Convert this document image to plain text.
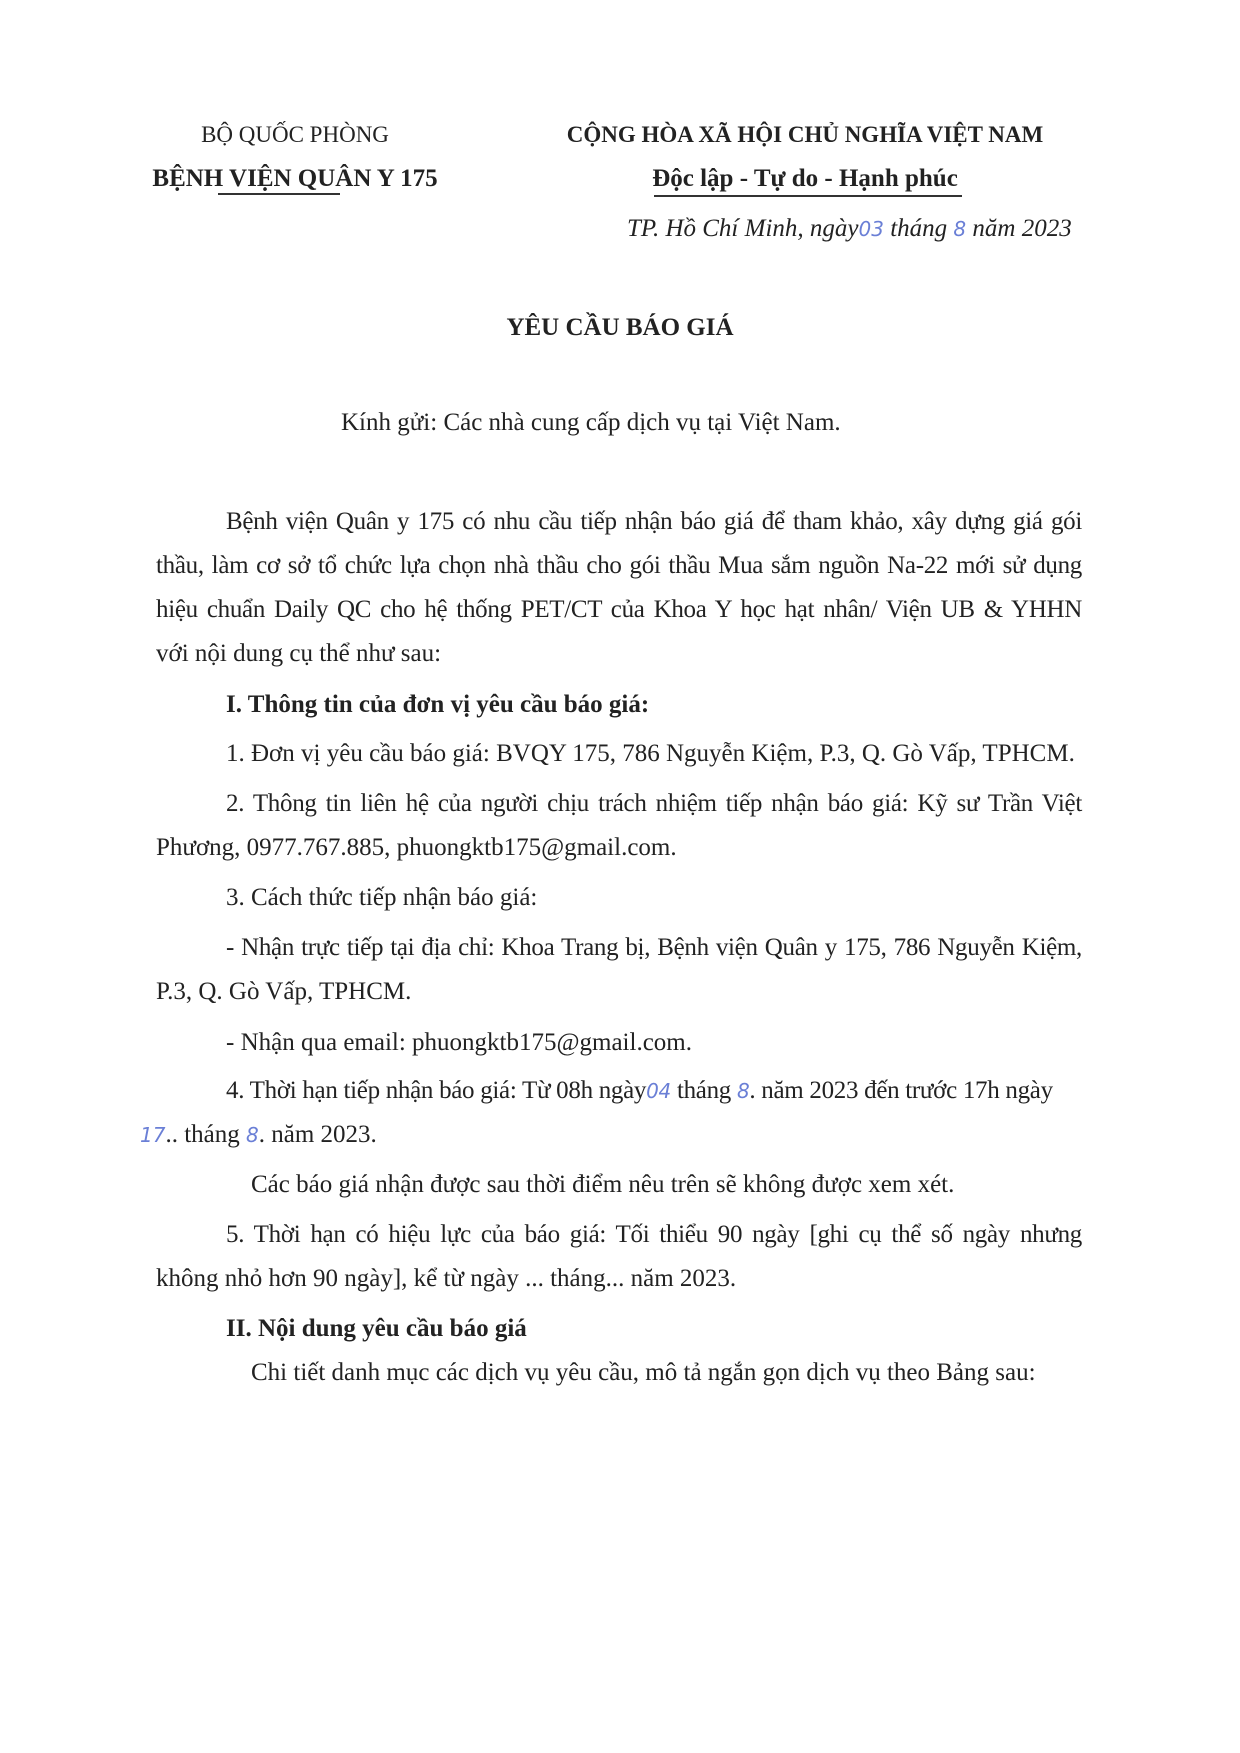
BỘ QUỐC PHÒNG
BỆNH VIỆN QUÂN Y 175
CỘNG HÒA XÃ HỘI CHỦ NGHĨA VIỆT NAM
Độc lập - Tự do - Hạnh phúc
TP. Hồ Chí Minh, ngày03 tháng 8 năm 2023
YÊU CẦU BÁO GIÁ
Kính gửi: Các nhà cung cấp dịch vụ tại Việt Nam.
Bệnh viện Quân y 175 có nhu cầu tiếp nhận báo giá để tham khảo, xây dựng giá gói
thầu, làm cơ sở tổ chức lựa chọn nhà thầu cho gói thầu Mua sắm nguồn Na-22 mới sử dụng
hiệu chuẩn Daily QC cho hệ thống PET/CT của Khoa Y học hạt nhân/ Viện UB & YHHN
với nội dung cụ thể như sau:
I. Thông tin của đơn vị yêu cầu báo giá:
1. Đơn vị yêu cầu báo giá: BVQY 175, 786 Nguyễn Kiệm, P.3, Q. Gò Vấp, TPHCM.
2. Thông tin liên hệ của người chịu trách nhiệm tiếp nhận báo giá: Kỹ sư Trần Việt
Phương, 0977.767.885, phuongktb175@gmail.com.
3. Cách thức tiếp nhận báo giá:
- Nhận trực tiếp tại địa chỉ: Khoa Trang bị, Bệnh viện Quân y 175, 786 Nguyễn Kiệm,
P.3, Q. Gò Vấp, TPHCM.
- Nhận qua email: phuongktb175@gmail.com.
4. Thời hạn tiếp nhận báo giá: Từ 08h ngày04 tháng 8. năm 2023 đến trước 17h ngày
17.. tháng 8. năm 2023.
Các báo giá nhận được sau thời điểm nêu trên sẽ không được xem xét.
5. Thời hạn có hiệu lực của báo giá: Tối thiểu 90 ngày [ghi cụ thể số ngày nhưng
không nhỏ hơn 90 ngày], kể từ ngày ... tháng... năm 2023.
II. Nội dung yêu cầu báo giá
Chi tiết danh mục các dịch vụ yêu cầu, mô tả ngắn gọn dịch vụ theo Bảng sau:
